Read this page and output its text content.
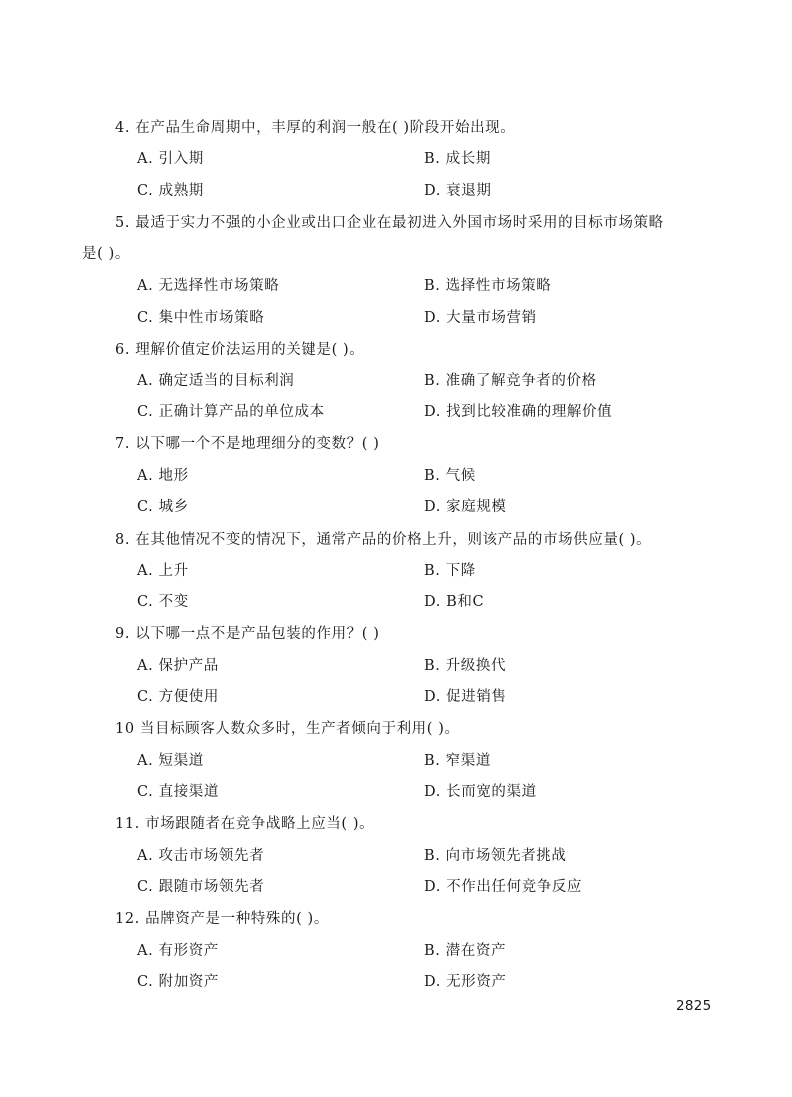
4. 在产品生命周期中，丰厚的利润一般在( )阶段开始出现。
A. 引入期	B. 成长期
C. 成熟期	D. 衰退期
5. 最适于实力不强的小企业或出口企业在最初进入外国市场时采用的目标市场策略
是( )。
A. 无选择性市场策略	B. 选择性市场策略
C. 集中性市场策略	D. 大量市场营销
6. 理解价值定价法运用的关键是( )。
A. 确定适当的目标利润	B. 准确了解竞争者的价格
C. 正确计算产品的单位成本	D. 找到比较准确的理解价值
7. 以下哪一个不是地理细分的变数？( )
A. 地形	B. 气候
C. 城乡	D. 家庭规模
8. 在其他情况不变的情况下，通常产品的价格上升，则该产品的市场供应量( )。
A. 上升	B. 下降
C. 不变	D. B和C
9. 以下哪一点不是产品包装的作用？( )
A. 保护产品	B. 升级换代
C. 方便使用	D. 促进销售
10 当目标顾客人数众多时，生产者倾向于利用( )。
A. 短渠道	B. 窄渠道
C. 直接渠道	D. 长而宽的渠道
11. 市场跟随者在竞争战略上应当( )。
A. 攻击市场领先者	B. 向市场领先者挑战
C. 跟随市场领先者	D. 不作出任何竞争反应
12. 品牌资产是一种特殊的( )。
A. 有形资产	B. 潜在资产
C. 附加资产	D. 无形资产
2825
